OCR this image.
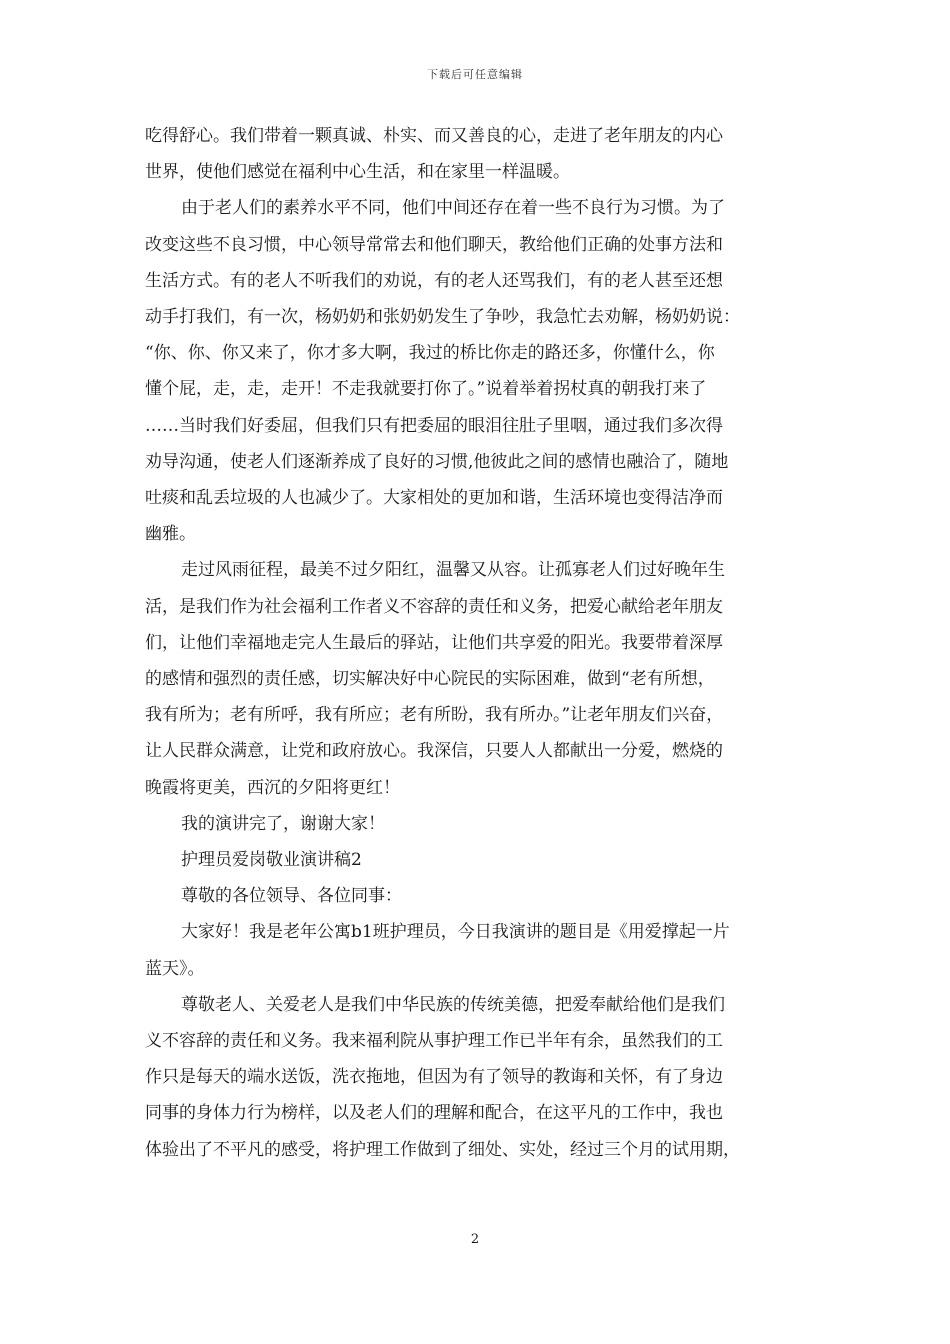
下载后可任意编辑

吃得舒心。我们带着一颗真诚、朴实、而又善良的心，走进了老年朋友的内心
世界，使他们感觉在福利中心生活，和在家里一样温暖。

由于老人们的素养水平不同，他们中间还存在着一些不良行为习惯。为了
改变这些不良习惯，中心领导常常去和他们聊天，教给他们正确的处事方法和
生活方式。有的老人不听我们的劝说，有的老人还骂我们，有的老人甚至还想
动手打我们，有一次，杨奶奶和张奶奶发生了争吵，我急忙去劝解，杨奶奶说：
“你、你、你又来了，你才多大啊，我过的桥比你走的路还多，你懂什么，你
懂个屁，走，走，走开！不走我就要打你了。”说着举着拐杖真的朝我打来了
……当时我们好委屈，但我们只有把委屈的眼泪往肚子里咽，通过我们多次得
劝导沟通，使老人们逐渐养成了良好的习惯,他彼此之间的感情也融洽了，随地
吐痰和乱丢垃圾的人也减少了。大家相处的更加和谐，生活环境也变得洁净而
幽雅。

走过风雨征程，最美不过夕阳红，温馨又从容。让孤寡老人们过好晚年生
活，是我们作为社会福利工作者义不容辞的责任和义务，把爱心献给老年朋友
们，让他们幸福地走完人生最后的驿站，让他们共享爱的阳光。我要带着深厚
的感情和强烈的责任感，切实解决好中心院民的实际困难，做到“老有所想，
我有所为；老有所呼，我有所应；老有所盼，我有所办。”让老年朋友们兴奋，
让人民群众满意，让党和政府放心。我深信，只要人人都献出一分爱，燃烧的
晚霞将更美，西沉的夕阳将更红！

我的演讲完了，谢谢大家！

护理员爱岗敬业演讲稿2

尊敬的各位领导、各位同事：

大家好！我是老年公寓b1班护理员，今日我演讲的题目是《用爱撑起一片
蓝天》。

尊敬老人、关爱老人是我们中华民族的传统美德，把爱奉献给他们是我们
义不容辞的责任和义务。我来福利院从事护理工作已半年有余，虽然我们的工
作只是每天的端水送饭，洗衣拖地，但因为有了领导的教诲和关怀，有了身边
同事的身体力行为榜样，以及老人们的理解和配合，在这平凡的工作中，我也
体验出了不平凡的感受，将护理工作做到了细处、实处，经过三个月的试用期，

2
